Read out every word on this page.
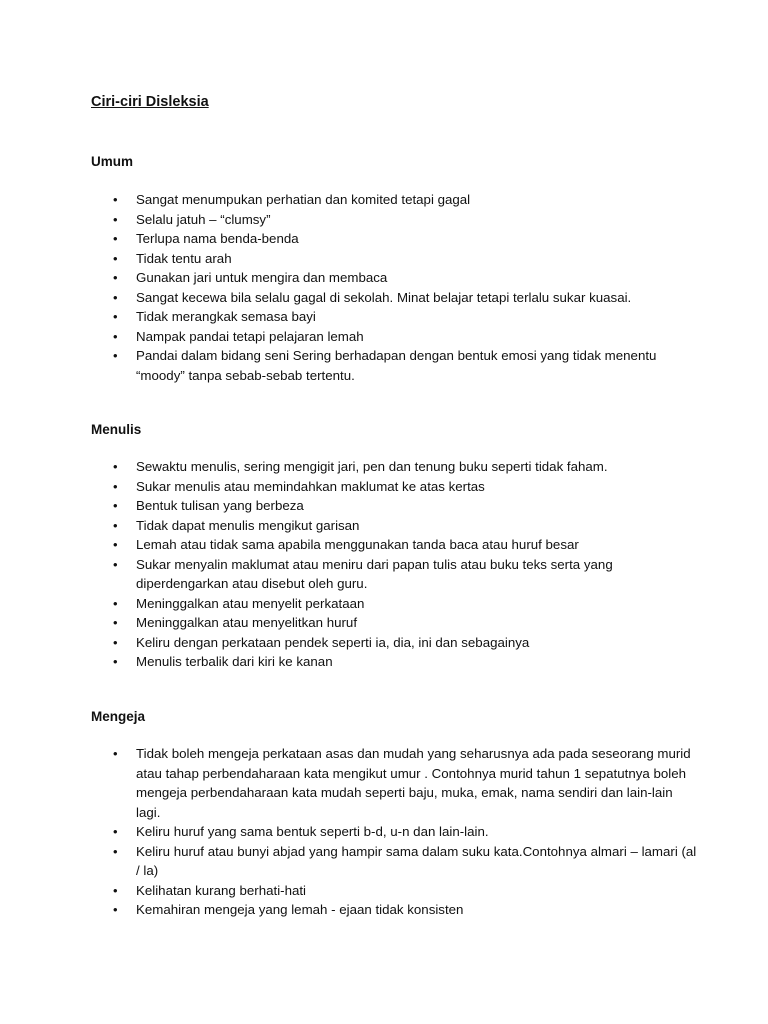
Ciri-ciri Disleksia
Umum
• Sangat menumpukan perhatian dan komited tetapi gagal
• Selalu jatuh – “clumsy”
• Terlupa nama benda-benda
• Tidak tentu arah
• Gunakan jari untuk mengira dan membaca
• Sangat kecewa bila selalu gagal di sekolah. Minat belajar tetapi terlalu sukar kuasai.
• Tidak merangkak semasa bayi
• Nampak pandai tetapi pelajaran lemah
• Pandai dalam bidang seni Sering berhadapan dengan bentuk emosi yang tidak menentu “moody” tanpa sebab-sebab tertentu.
Menulis
• Sewaktu menulis, sering mengigit jari, pen dan tenung buku seperti tidak faham.
• Sukar menulis atau memindahkan maklumat ke atas kertas
• Bentuk tulisan yang berbeza
• Tidak dapat menulis mengikut garisan
• Lemah atau tidak sama apabila menggunakan tanda baca atau huruf besar
• Sukar menyalin maklumat atau meniru dari papan tulis atau buku teks serta yang diperdengarkan atau disebut oleh guru.
• Meninggalkan atau menyelit perkataan
• Meninggalkan atau menyelitkan huruf
• Keliru dengan perkataan pendek seperti ia, dia, ini dan sebagainya
• Menulis terbalik dari kiri ke kanan
Mengeja
• Tidak boleh mengeja perkataan asas dan mudah yang seharusnya ada pada seseorang murid atau tahap perbendaharaan kata mengikut umur . Contohnya murid tahun 1 sepatutnya boleh mengeja perbendaharaan kata mudah seperti baju, muka, emak, nama sendiri dan lain-lain lagi.
• Keliru huruf yang sama bentuk seperti b-d, u-n dan lain-lain.
• Keliru huruf atau bunyi abjad yang hampir sama dalam suku kata.Contohnya almari – lamari (al / la)
• Kelihatan kurang berhati-hati
• Kemahiran mengeja yang lemah - ejaan tidak konsisten
